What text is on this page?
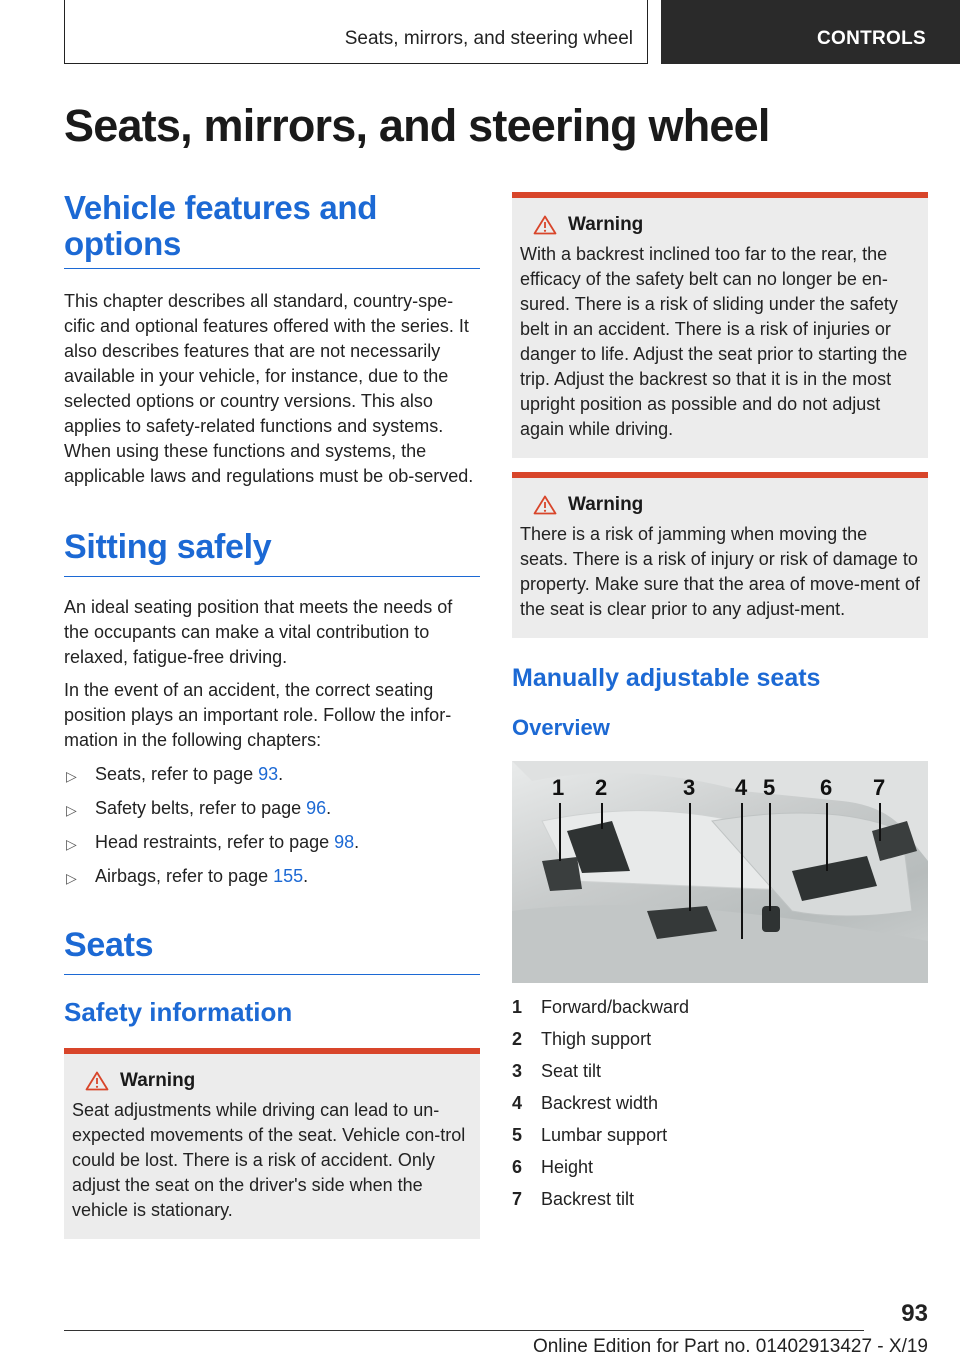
Seats, mirrors, and steering wheel	CONTROLS
Seats, mirrors, and steering wheel
Vehicle features and
options

This chapter describes all standard, country-spe-cific and optional features offered with the series. It also describes features that are not necessarily available in your vehicle, for instance, due to the selected options or country versions. This also applies to safety-related functions and systems. When using these functions and systems, the applicable laws and regulations must be ob-served.

Sitting safely

An ideal seating position that meets the needs of the occupants can make a vital contribution to relaxed, fatigue-free driving.

In the event of an accident, the correct seating position plays an important role. Follow the infor-mation in the following chapters:

▷	Seats, refer to page 93.
▷	Safety belts, refer to page 96.
▷	Head restraints, refer to page 98.
▷	Airbags, refer to page 155.
Seats
Safety information
Warning
Seat adjustments while driving can lead to un-expected movements of the seat. Vehicle con-trol could be lost. There is a risk of accident. Only adjust the seat on the driver's side when the vehicle is stationary.
Warning
With a backrest inclined too far to the rear, the efficacy of the safety belt can no longer be en-sured. There is a risk of sliding under the safety belt in an accident. There is a risk of injuries or danger to life. Adjust the seat prior to starting the trip. Adjust the backrest so that it is in the most upright position as possible and do not adjust again while driving.
Warning
There is a risk of jamming when moving the seats. There is a risk of injury or risk of damage to property. Make sure that the area of move-ment of the seat is clear prior to any adjust-ment.
Manually adjustable seats
Overview
1 2	3 4 5 6 7
1	Forward/backward
2	Thigh support
3	Seat tilt
4	Backrest width
5	Lumbar support
6	Height
7	Backrest tilt
93
Online Edition for Part no. 01402913427 - X/19
